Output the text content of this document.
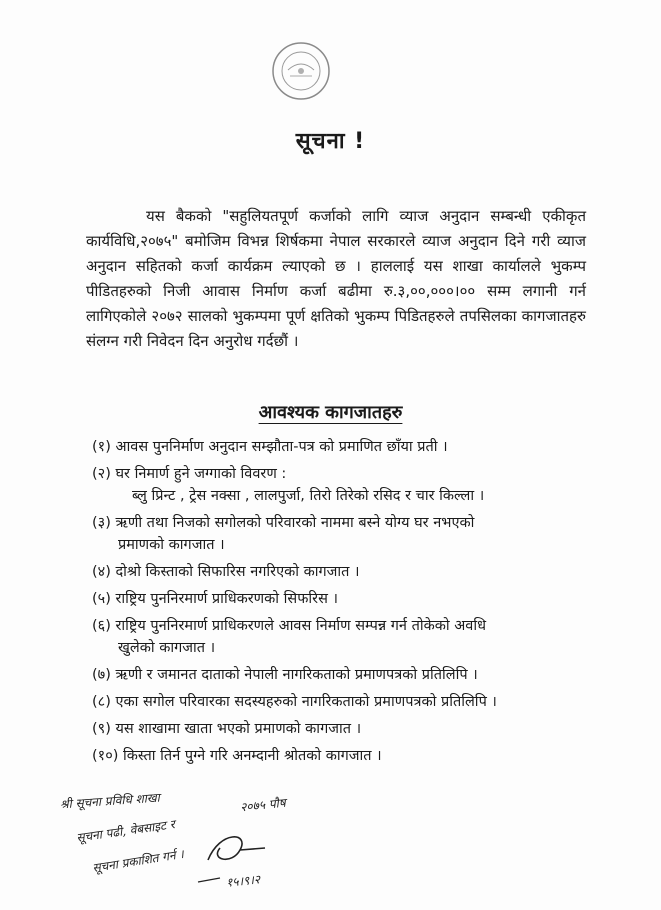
सूचना !

यस बैकको "सहुलियतपूर्ण कर्जाको लागि व्याज अनुदान सम्बन्धी एकीकृत कार्यविधि,२०७५" बमोजिम विभन्न शिर्षकमा नेपाल सरकारले व्याज अनुदान दिने गरी व्याज अनुदान सहितको कर्जा कार्यक्रम ल्याएको छ । हाललाई यस शाखा कार्यालले भुकम्प पीडितहरुको निजी आवास निर्माण कर्जा बढीमा रु.३,००,०००।०० सम्म लगानी गर्न लागिएकोले २०७२ सालको भुकम्पमा पूर्ण क्षतिको भुकम्प पिडितहरुले तपसिलका कागजातहरु संलग्न गरी निवेदन दिन अनुरोध गर्दछौं ।

आवश्यक कागजातहरु
(१) आवस पुननिर्माण अनुदान सम्झौता-पत्र को प्रमाणित छाँया प्रती ।
(२) घर निमार्ण हुने जग्गाको विवरण :
ब्लु प्रिन्ट , ट्रेस नक्सा , लालपुर्जा, तिरो तिरेको रसिद र चार किल्ला ।
(३) ऋणी तथा निजको सगोलको परिवारको नाममा बस्ने योग्य घर नभएको
प्रमाणको कागजात ।
(४) दोश्रो किस्ताको सिफारिस नगरिएको कागजात ।
(५) राष्ट्रिय पुननिरमार्ण प्राधिकरणको सिफरिस ।
(६) राष्ट्रिय पुननिरमार्ण प्राधिकरणले आवस निर्माण सम्पन्न गर्न तोकेको अवधि
खुलेको कागजात ।
(७) ऋणी र जमानत दाताको नेपाली नागरिकताको प्रमाणपत्रको प्रतिलिपि ।
(८) एका सगोल परिवारका सदस्यहरुको नागरिकताको प्रमाणपत्रको प्रतिलिपि ।
(९) यस शाखामा खाता भएको प्रमाणको कागजात ।
(१०) किस्ता तिर्न पुग्ने गरि अनम्दानी श्रोतको कागजात ।
श्री सूचना प्रविधि शाखा	२०७५ पौष
सूचना पढी, वेबसाइट र
सूचना प्रकाशित गर्न ।
१५।९।२
